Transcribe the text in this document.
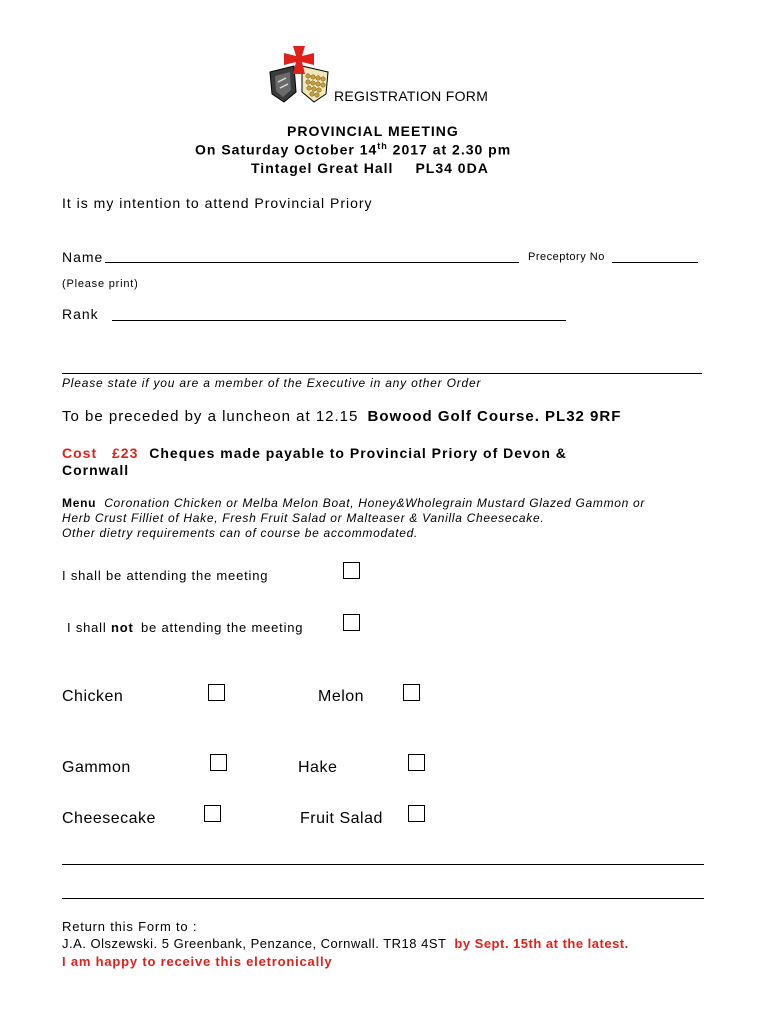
REGISTRATION FORM
PROVINCIAL MEETING
On Saturday October 14th 2017 at 2.30 pm
Tintagel Great Hall PL34 0DA
It is my intention to attend Provincial Priory
Name	Preceptory No
(Please print)
Rank
Please state if you are a member of the Executive in any other Order
To be preceded by a luncheon at 12.15 Bowood Golf Course. PL32 9RF
Cost £23 Cheques made payable to Provincial Priory of Devon &
Cornwall
Menu Coronation Chicken or Melba Melon Boat, Honey&Wholegrain Mustard Glazed Gammon or
Herb Crust Filliet of Hake, Fresh Fruit Salad or Malteaser & Vanilla Cheesecake.
Other dietry requirements can of course be accommodated.
I shall be attending the meeting
I shall not be attending the meeting
Chicken	Melon
Gammon	Hake
Cheesecake	Fruit Salad
Return this Form to :
J.A. Olszewski. 5 Greenbank, Penzance, Cornwall. TR18 4ST by Sept. 15th at the latest.
I am happy to receive this eletronically
